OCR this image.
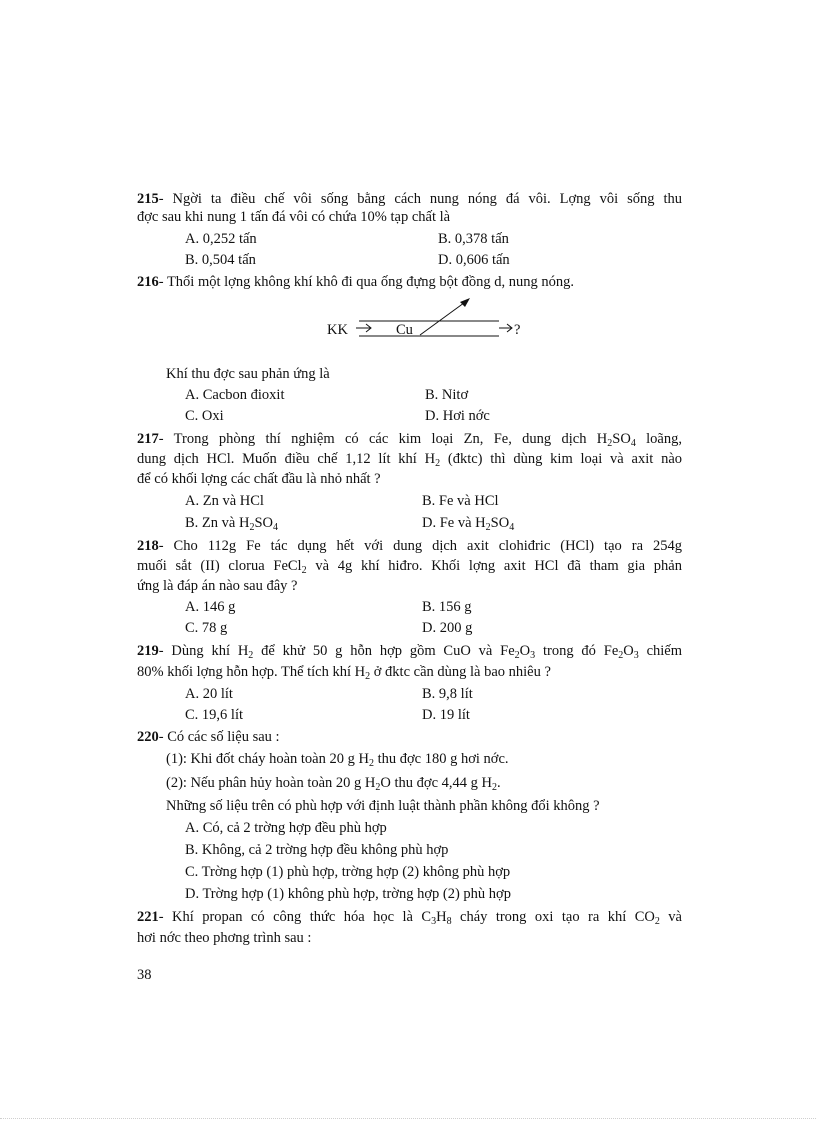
215- Ngời ta điều chế vôi sống bằng cách nung nóng đá vôi. Lợng vôi sống thu
đợc sau khi nung 1 tấn đá vôi có chứa 10% tạp chất là
A. 0,252 tấn	B. 0,378 tấn
B. 0,504 tấn	D. 0,606 tấn
216- Thổi một lợng không khí khô đi qua ống đựng bột đồng d, nung nóng.
KK	Cu	?
Khí thu đợc sau phản ứng là
A. Cacbon đioxit	B. Nitơ
C. Oxi	D. Hơi nớc
217- Trong phòng thí nghiệm có các kim loại Zn, Fe, dung dịch $H_2SO_4$ loãng,
dung dịch HCl. Muốn điều chế 1,12 lít khí $H_2$ (đktc) thì dùng kim loại và axit nào
để có khối lợng các chất đầu là nhỏ nhất ?
A. Zn và HCl	B. Fe và HCl
B. Zn và $H_2SO_4$	D. Fe và $H_2SO_4$
218- Cho 112g Fe tác dụng hết với dung dịch axit clohiđric (HCl) tạo ra 254g
muối sắt (II) clorua FeCl$_2$ và 4g khí hiđro. Khối lợng axit HCl đã tham gia phản
ứng là đáp án nào sau đây ?
A. 146 g	B. 156 g
C. 78 g	D. 200 g
219- Dùng khí $H_2$ để khử 50 g hỗn hợp gồm CuO và $Fe_2O_3$ trong đó $Fe_2O_3$ chiếm
80% khối lợng hỗn hợp. Thể tích khí $H_2$ ở đktc cần dùng là bao nhiêu ?
A. 20 lít	B. 9,8 lít
C. 19,6 lít	D. 19 lít
220- Có các số liệu sau :
(1): Khi đốt cháy hoàn toàn 20 g $H_2$ thu đợc 180 g hơi nớc.
(2): Nếu phân hủy hoàn toàn 20 g $H_2O$ thu đợc 4,44 g $H_2$.
Những số liệu trên có phù hợp với định luật thành phần không đổi không ?
A. Có, cả 2 trờng hợp đều phù hợp
B. Không, cả 2 trờng hợp đều không phù hợp
C. Trờng hợp (1) phù hợp, trờng hợp (2) không phù hợp
D. Trờng hợp (1) không phù hợp, trờng hợp (2) phù hợp
221- Khí propan có công thức hóa học là $C_3H_8$ cháy trong oxi tạo ra khí $CO_2$ và
hơi nớc theo phơng trình sau :
38
